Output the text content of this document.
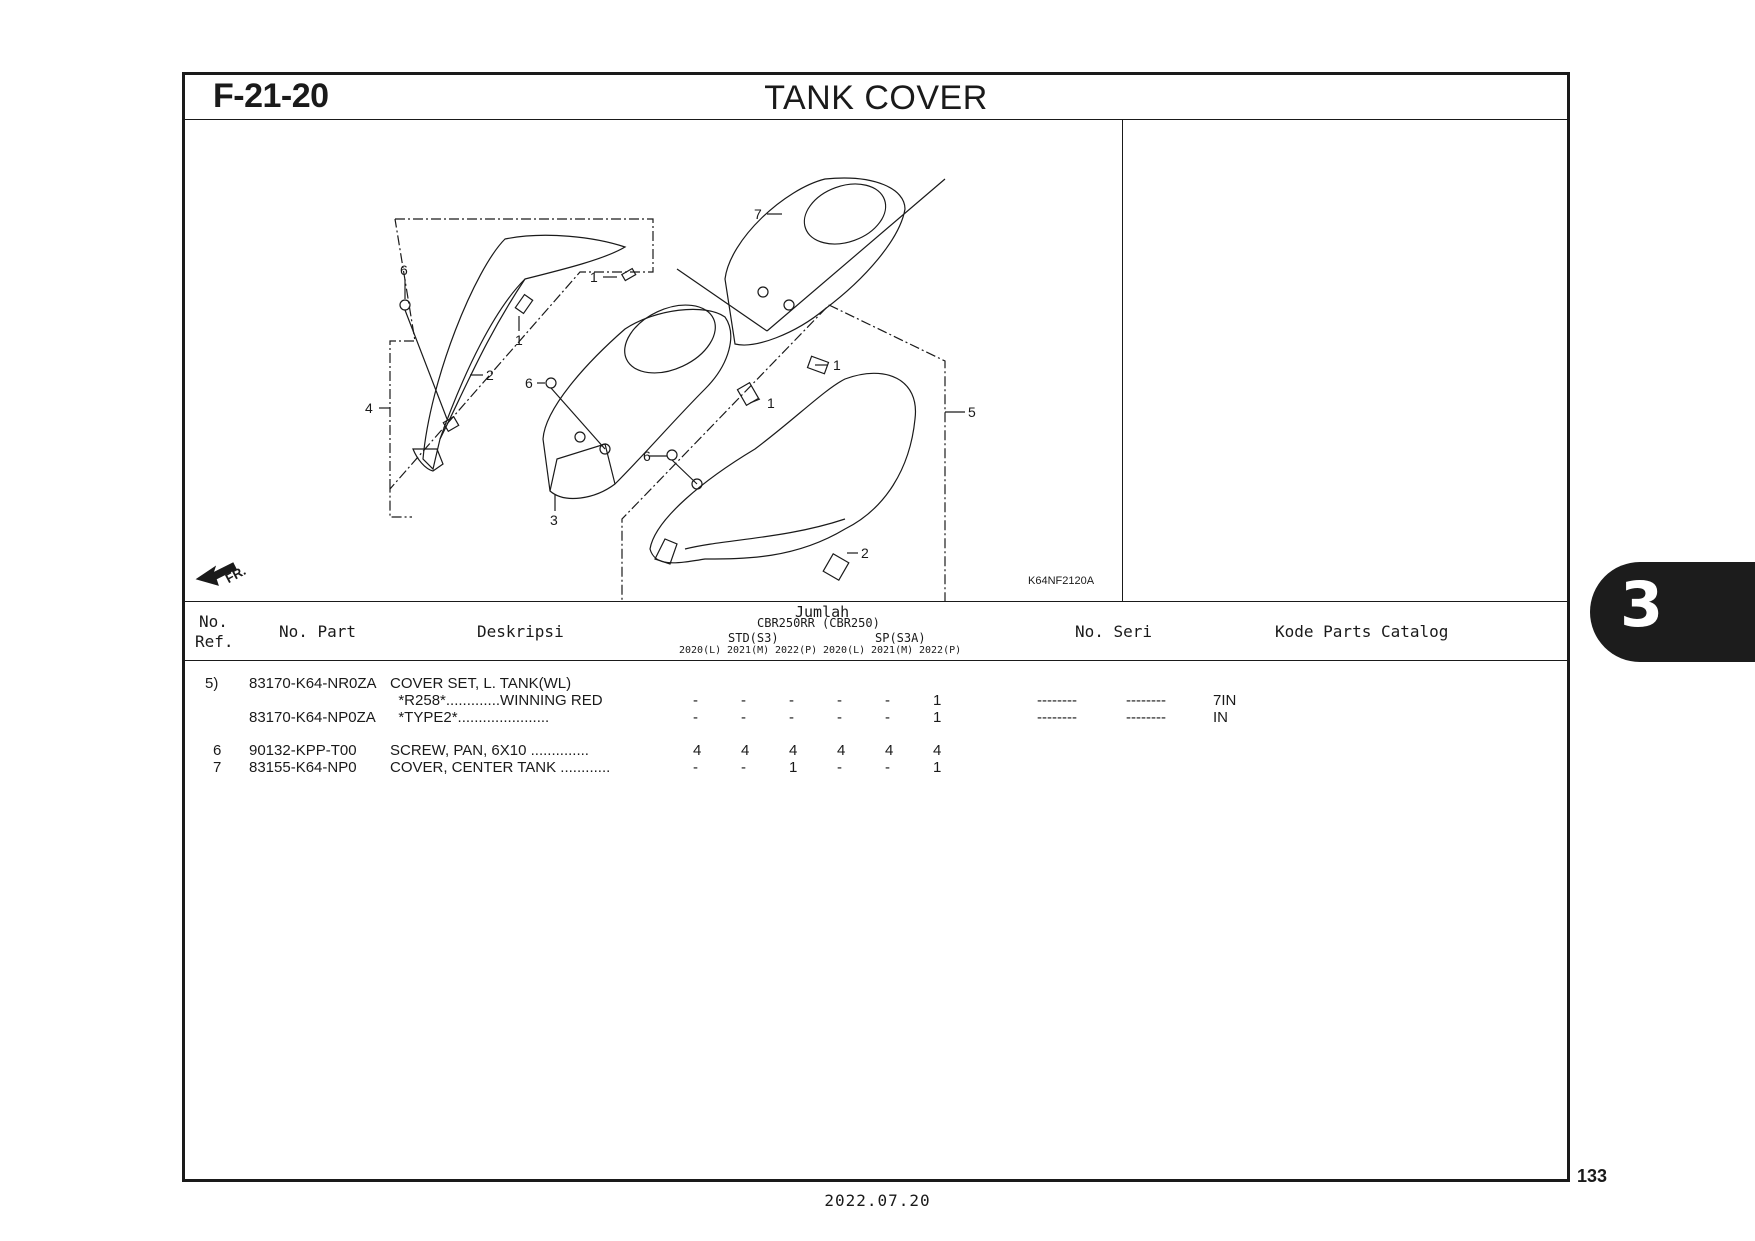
F-21-20	TANK COVER
6	1
1
2
4
6
3
7
1
1
6
5
2
FR.	K64NF2120A
No.
Ref.
No. Part	Deskripsi
Jumlah
CBR250RR (CBR250)
STD(S3)	SP(S3A)
2020(L) 2021(M) 2022(P) 2020(L) 2021(M) 2022(P)
No. Seri	Kode Parts Catalog
5) 83170-K64-NR0ZA COVER SET, L. TANK(WL)
*R258*.............WINNING RED	-	-	-	-	-	1	--------	--------	7IN
83170-K64-NP0ZA *TYPE2*......................	-	-	-	-	-	1	--------	--------	IN
6 90132-KPP-T00 SCREW, PAN, 6X10 ..............	4	4	4	4	4	4
7 83155-K64-NP0 COVER, CENTER TANK ............	-	-	1	-	-	1
3
133
2022.07.20
